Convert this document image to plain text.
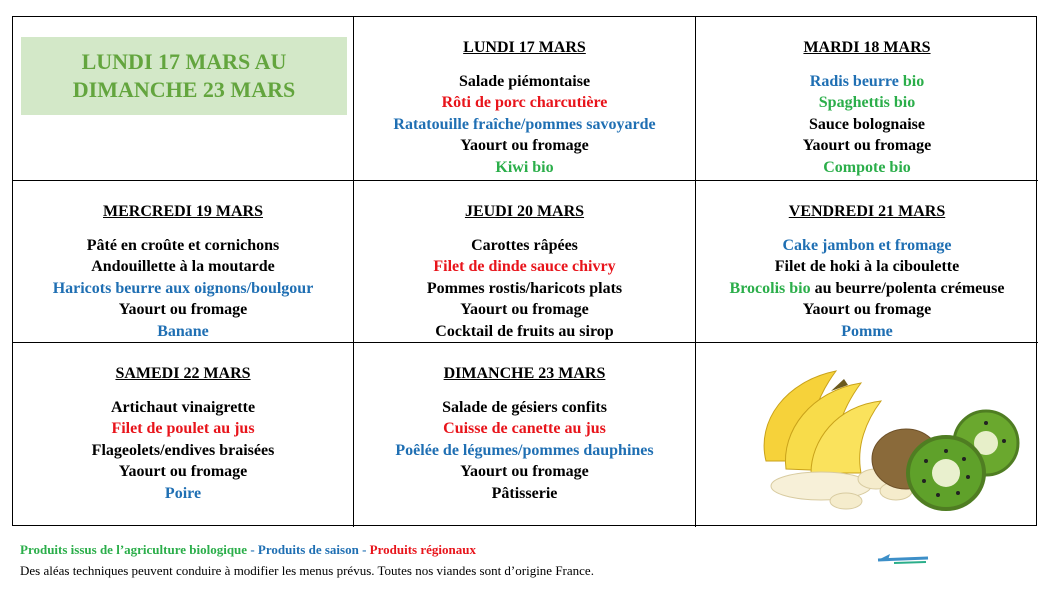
LUNDI 17 MARS AU
DIMANCHE 23 MARS
LUNDI 17 MARS
Salade piémontaise
Rôti de porc charcutière
Ratatouille fraîche/pommes savoyarde
Yaourt ou fromage
Kiwi bio
MARDI 18 MARS
Radis beurre bio
Spaghettis bio
Sauce bolognaise
Yaourt ou fromage
Compote bio
MERCREDI 19 MARS
Pâté en croûte et cornichons
Andouillette à la moutarde
Haricots beurre aux oignons/boulgour
Yaourt ou fromage
Banane
JEUDI 20 MARS
Carottes râpées
Filet de dinde sauce chivry
Pommes rostis/haricots plats
Yaourt ou fromage
Cocktail de fruits au sirop
VENDREDI 21 MARS
Cake jambon et fromage
Filet de hoki à la ciboulette
Brocolis bio au beurre/polenta crémeuse
Yaourt ou fromage
Pomme
SAMEDI 22 MARS
Artichaut vinaigrette
Filet de poulet au jus
Flageolets/endives braisées
Yaourt ou fromage
Poire
DIMANCHE 23 MARS
Salade de gésiers confits
Cuisse de canette au jus
Poêlée de légumes/pommes dauphines
Yaourt ou fromage
Pâtisserie
Produits issus de l’agriculture biologique - Produits de saison - Produits régionaux
Des aléas techniques peuvent conduire à modifier les menus prévus. Toutes nos viandes sont d’origine France.
